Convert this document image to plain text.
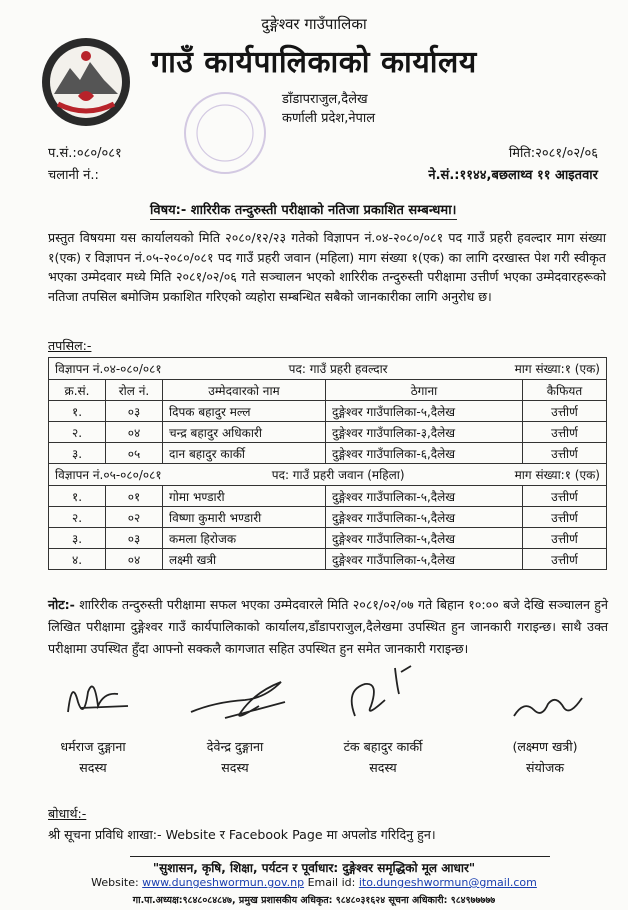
दुङ्गेश्वर गाउँपालिका
गाउँ कार्यपालिकाको कार्यालय
डाँडापराजुल,दैलेख
कर्णाली प्रदेश,नेपाल
प.सं.:०८०/०८१
चलानी नं.:
मिति:२०८१/०२/०६
ने.सं.:११४४,बछलाथ्व ११ आइतवार
विषय:- शारिरीक तन्दुरुस्ती परीक्षाको नतिजा प्रकाशित सम्बन्धमा।
प्रस्तुत विषयमा यस कार्यालयको मिति २०८०/१२/२३ गतेको विज्ञापन नं.०४-२०८०/०८१ पद गाउँ प्रहरी हवल्दार माग संख्या १(एक) र विज्ञापन नं.०५-२०८०/०८१ पद गाउँ प्रहरी जवान (महिला) माग संख्या १(एक) का लागि दरखास्त पेश गरी स्वीकृत भएका उम्मेदवार मध्ये मिति २०८१/०२/०६ गते सञ्चालन भएको शारिरीक तन्दुरुस्ती परीक्षामा उत्तीर्ण भएका उम्मेदवारहरूको नतिजा तपसिल बमोजिम प्रकाशित गरिएको व्यहोरा सम्बन्धित सबैको जानकारीका लागि अनुरोध छ।
तपसिल:-
विज्ञापन नं.०४-०८०/०८१ पद: गाउँ प्रहरी हवल्दार माग संख्या:१ (एक)				

क्र.सं.	रोल नं.	उम्मेदवारको नाम	ठेगाना	कैफियत
१.	०३	दिपक बहादुर मल्ल	दुङ्गेश्वर गाउँपालिका-५,दैलेख	उत्तीर्ण
२.	०४	चन्द्र बहादुर अधिकारी	दुङ्गेश्वर गाउँपालिका-३,दैलेख	उत्तीर्ण
३.	०५	दान बहादुर कार्की	दुङ्गेश्वर गाउँपालिका-६,दैलेख	उत्तीर्ण

विज्ञापन नं.०५-०८०/०८१ पद: गाउँ प्रहरी जवान (महिला) माग संख्या:१ (एक)				

१.	०१	गोमा भण्डारी	दुङ्गेश्वर गाउँपालिका-५,दैलेख	उत्तीर्ण
२.	०२	विष्णा कुमारी भण्डारी	दुङ्गेश्वर गाउँपालिका-५,दैलेख	उत्तीर्ण
३.	०३	कमला हिरोजक	दुङ्गेश्वर गाउँपालिका-५,दैलेख	उत्तीर्ण
४.	०४	लक्ष्मी खत्री	दुङ्गेश्वर गाउँपालिका-५,दैलेख	उत्तीर्ण
नोट:- शारिरीक तन्दुरुस्ती परीक्षामा सफल भएका उम्मेदवारले मिति २०८१/०२/०७ गते बिहान १०:०० बजे देखि सञ्चालन हुने लिखित परीक्षामा दुङ्गेश्वर गाउँ कार्यपालिकाको कार्यालय,डाँडापराजुल,दैलेखमा उपस्थित हुन जानकारी गराइन्छ। साथै उक्त परीक्षामा उपस्थित हुँदा आफ्नो सक्कलै कागजात सहित उपस्थित हुन समेत जानकारी गराइन्छ।
धर्मराज दुङ्गाना
सदस्य
देवेन्द्र दुङ्गाना
सदस्य
टंक बहादुर कार्की
सदस्य
(लक्ष्मण खत्री)
संयोजक
बोधार्थ:-
श्री सूचना प्रविधि शाखा:- Website र Facebook Page मा अपलोड गरिदिनु हुन।
"सुशासन, कृषि, शिक्षा, पर्यटन र पूर्वाधार: दुङ्गेश्वर समृद्धिको मूल आधार"
Website: www.dungeshwormun.gov.np Email id: ito.dungeshwormun@gmail.com
गा.पा.अध्यक्ष:९८४८०८४८४७, प्रमुख प्रशासकीय अधिकृत: ९८४८०३१६२४ सूचना अधिकारी: ९८४९७७७७७
